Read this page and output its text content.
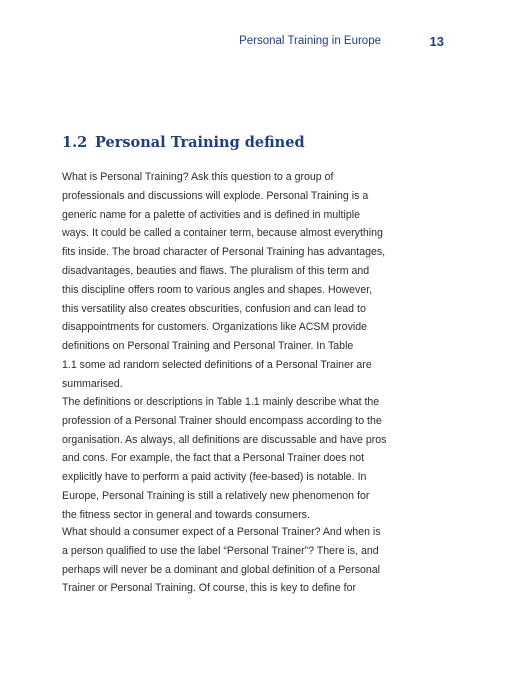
Personal Training in Europe	13
1.2 Personal Training defined
What is Personal Training? Ask this question to a group of
professionals and discussions will explode. Personal Training is a
generic name for a palette of activities and is defined in multiple
ways. It could be called a container term, because almost everything
fits inside. The broad character of Personal Training has advantages,
disadvantages, beauties and flaws. The pluralism of this term and
this discipline offers room to various angles and shapes. However,
this versatility also creates obscurities, confusion and can lead to
disappointments for customers. Organizations like ACSM provide
definitions on Personal Training and Personal Trainer. In Table
1.1 some ad random selected definitions of a Personal Trainer are
summarised.
The definitions or descriptions in Table 1.1 mainly describe what the
profession of a Personal Trainer should encompass according to the
organisation. As always, all definitions are discussable and have pros
and cons. For example, the fact that a Personal Trainer does not
explicitly have to perform a paid activity (fee-based) is notable. In
Europe, Personal Training is still a relatively new phenomenon for
the fitness sector in general and towards consumers.
What should a consumer expect of a Personal Trainer? And when is
a person qualified to use the label “Personal Trainer”? There is, and
perhaps will never be a dominant and global definition of a Personal
Trainer or Personal Training. Of course, this is key to define for
